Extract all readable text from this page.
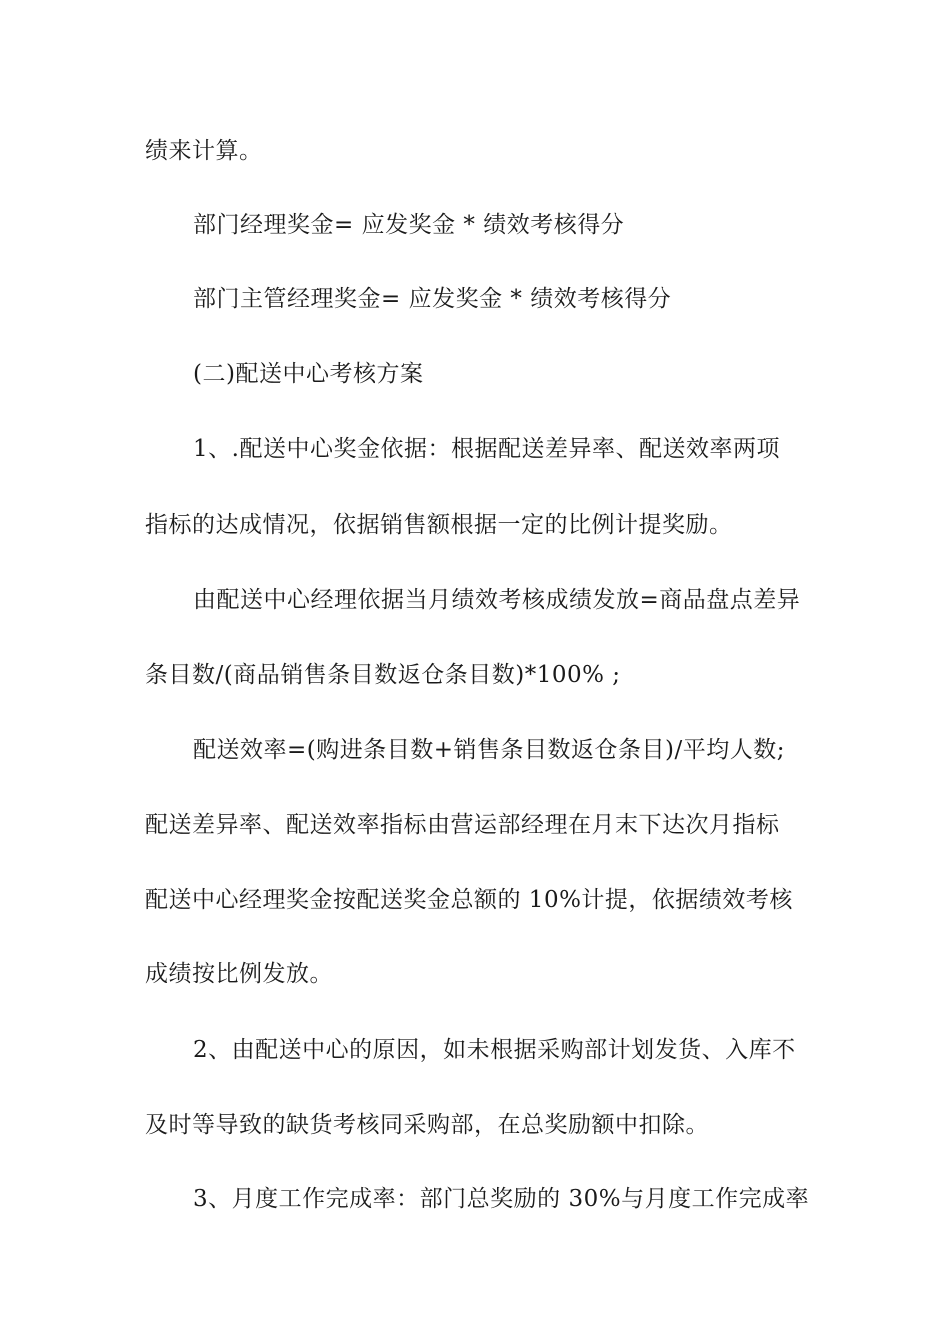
绩来计算。
部门经理奖金= 应发奖金 * 绩效考核得分
部门主管经理奖金= 应发奖金 * 绩效考核得分
(二)配送中心考核方案
1、.配送中心奖金依据：根据配送差异率、配送效率两项
指标的达成情况，依据销售额根据一定的比例计提奖励。
由配送中心经理依据当月绩效考核成绩发放=商品盘点差异
条目数/(商品销售条目数返仓条目数)*100% ;
配送效率=(购进条目数+销售条目数返仓条目)/平均人数;
配送差异率、配送效率指标由营运部经理在月末下达次月指标
配送中心经理奖金按配送奖金总额的 10%计提，依据绩效考核
成绩按比例发放。
2、由配送中心的原因，如未根据采购部计划发货、入库不
及时等导致的缺货考核同采购部，在总奖励额中扣除。
3、月度工作完成率：部门总奖励的 30%与月度工作完成率
